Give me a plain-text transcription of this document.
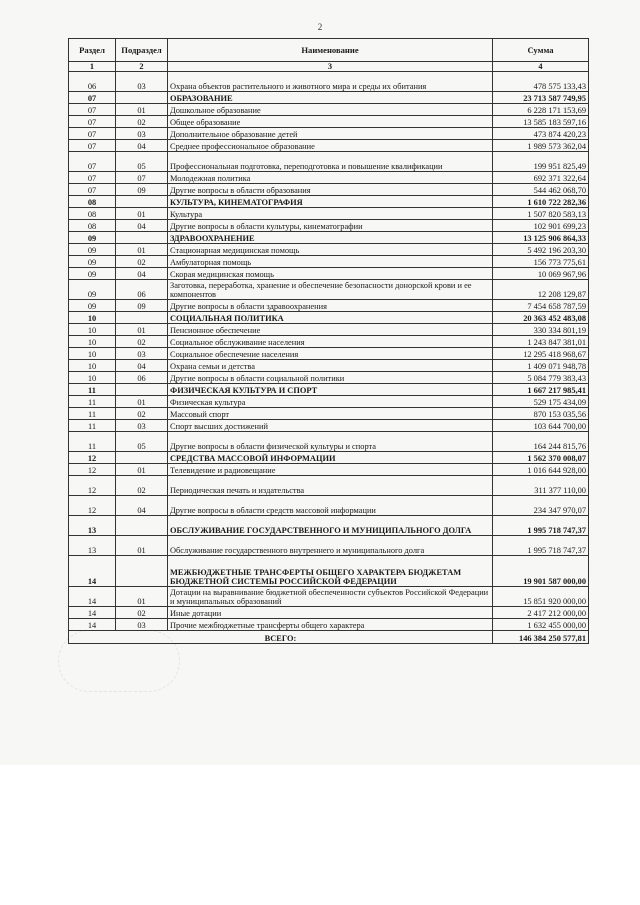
2
Раздел	Подраздел	Наименование	Сумма
1	2	3	4
06	03	Охрана объектов растительного и животного мира и среды их обитания	478 575 133,43
07		ОБРАЗОВАНИЕ	23 713 587 749,95
07	01	Дошкольное образование	6 228 171 153,69
07	02	Общее образование	13 585 183 597,16
07	03	Дополнительное образование детей	473 874 420,23
07	04	Среднее профессиональное образование	1 989 573 362,04
07	05	Профессиональная подготовка, переподготовка и повышение квалификации	199 951 825,49
07	07	Молодежная политика	692 371 322,64
07	09	Другие вопросы в области образования	544 462 068,70
08		КУЛЬТУРА, КИНЕМАТОГРАФИЯ	1 610 722 282,36
08	01	Культура	1 507 820 583,13
08	04	Другие вопросы в области культуры, кинематографии	102 901 699,23
09		ЗДРАВООХРАНЕНИЕ	13 125 906 864,33
09	01	Стационарная медицинская помощь	5 492 196 203,30
09	02	Амбулаторная помощь	156 773 775,61
09	04	Скорая медицинская помощь	10 069 967,96
09	06	Заготовка, переработка, хранение и обеспечение безопасности донорской крови и ее компонентов	12 208 129,87
09	09	Другие вопросы в области здравоохранения	7 454 658 787,59
10		СОЦИАЛЬНАЯ ПОЛИТИКА	20 363 452 483,08
10	01	Пенсионное обеспечение	330 334 801,19
10	02	Социальное обслуживание населения	1 243 847 381,01
10	03	Социальное обеспечение населения	12 295 418 968,67
10	04	Охрана семьи и детства	1 409 071 948,78
10	06	Другие вопросы в области социальной политики	5 084 779 383,43
11		ФИЗИЧЕСКАЯ КУЛЬТУРА И СПОРТ	1 667 217 985,41
11	01	Физическая культура	529 175 434,09
11	02	Массовый спорт	870 153 035,56
11	03	Спорт высших достижений	103 644 700,00
11	05	Другие вопросы в области физической культуры и спорта	164 244 815,76
12		СРЕДСТВА МАССОВОЙ ИНФОРМАЦИИ	1 562 370 008,07
12	01	Телевидение и радиовещание	1 016 644 928,00
12	02	Периодическая печать и издательства	311 377 110,00
12	04	Другие вопросы в области средств массовой информации	234 347 970,07
13		ОБСЛУЖИВАНИЕ ГОСУДАРСТВЕННОГО И МУНИЦИПАЛЬНОГО ДОЛГА	1 995 718 747,37
13	01	Обслуживание государственного внутреннего и муниципального долга	1 995 718 747,37
14		МЕЖБЮДЖЕТНЫЕ ТРАНСФЕРТЫ ОБЩЕГО ХАРАКТЕРА БЮДЖЕТАМ БЮДЖЕТНОЙ СИСТЕМЫ РОССИЙСКОЙ ФЕДЕРАЦИИ	19 901 587 000,00
14	01	Дотации на выравнивание бюджетной обеспеченности субъектов Российской Федерации и муниципальных образований	15 851 920 000,00
14	02	Иные дотации	2 417 212 000,00
14	03	Прочие межбюджетные трансферты общего характера	1 632 455 000,00
ВСЕГО:			146 384 250 577,81
